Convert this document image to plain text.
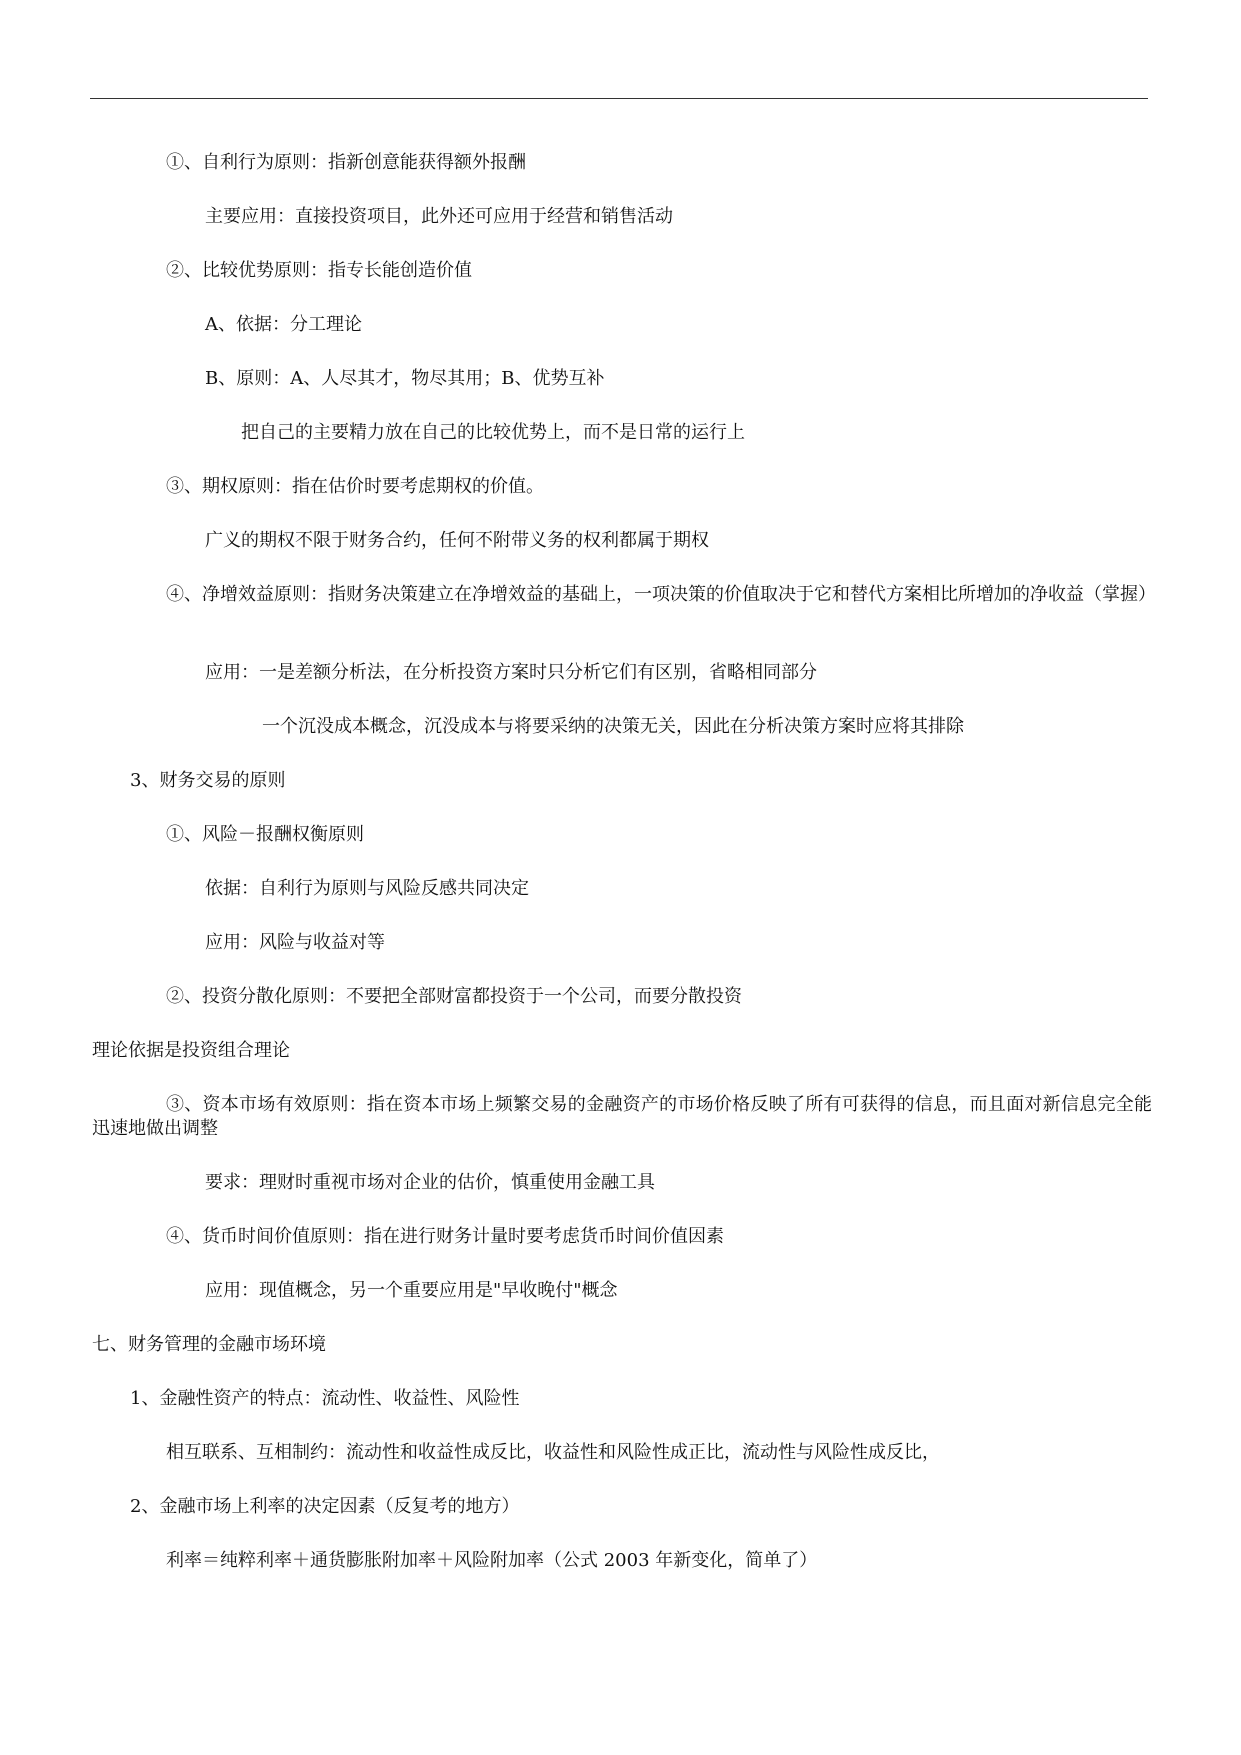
①、自利行为原则：指新创意能获得额外报酬

主要应用：直接投资项目，此外还可应用于经营和销售活动

②、比较优势原则：指专长能创造价值

A、依据：分工理论

B、原则：A、人尽其才，物尽其用；B、优势互补

把自己的主要精力放在自己的比较优势上，而不是日常的运行上

③、期权原则：指在估价时要考虑期权的价值。

广义的期权不限于财务合约，任何不附带义务的权利都属于期权

④、净增效益原则：指财务决策建立在净增效益的基础上，一项决策的价值取决于它和替代方案相比所增加的净收益（掌握）

应用：一是差额分析法，在分析投资方案时只分析它们有区别，省略相同部分

一个沉没成本概念，沉没成本与将要采纳的决策无关，因此在分析决策方案时应将其排除

3、财务交易的原则

①、风险－报酬权衡原则

依据：自利行为原则与风险反感共同决定

应用：风险与收益对等

②、投资分散化原则：不要把全部财富都投资于一个公司，而要分散投资

理论依据是投资组合理论

③、资本市场有效原则：指在资本市场上频繁交易的金融资产的市场价格反映了所有可获得的信息，而且面对新信息完全能迅速地做出调整

要求：理财时重视市场对企业的估价，慎重使用金融工具

④、货币时间价值原则：指在进行财务计量时要考虑货币时间价值因素

应用：现值概念，另一个重要应用是"早收晚付"概念

七、财务管理的金融市场环境

1、金融性资产的特点：流动性、收益性、风险性

相互联系、互相制约：流动性和收益性成反比，收益性和风险性成正比，流动性与风险性成反比，

2、金融市场上利率的决定因素（反复考的地方）

利率＝纯粹利率＋通货膨胀附加率＋风险附加率（公式 2003 年新变化，简单了）
